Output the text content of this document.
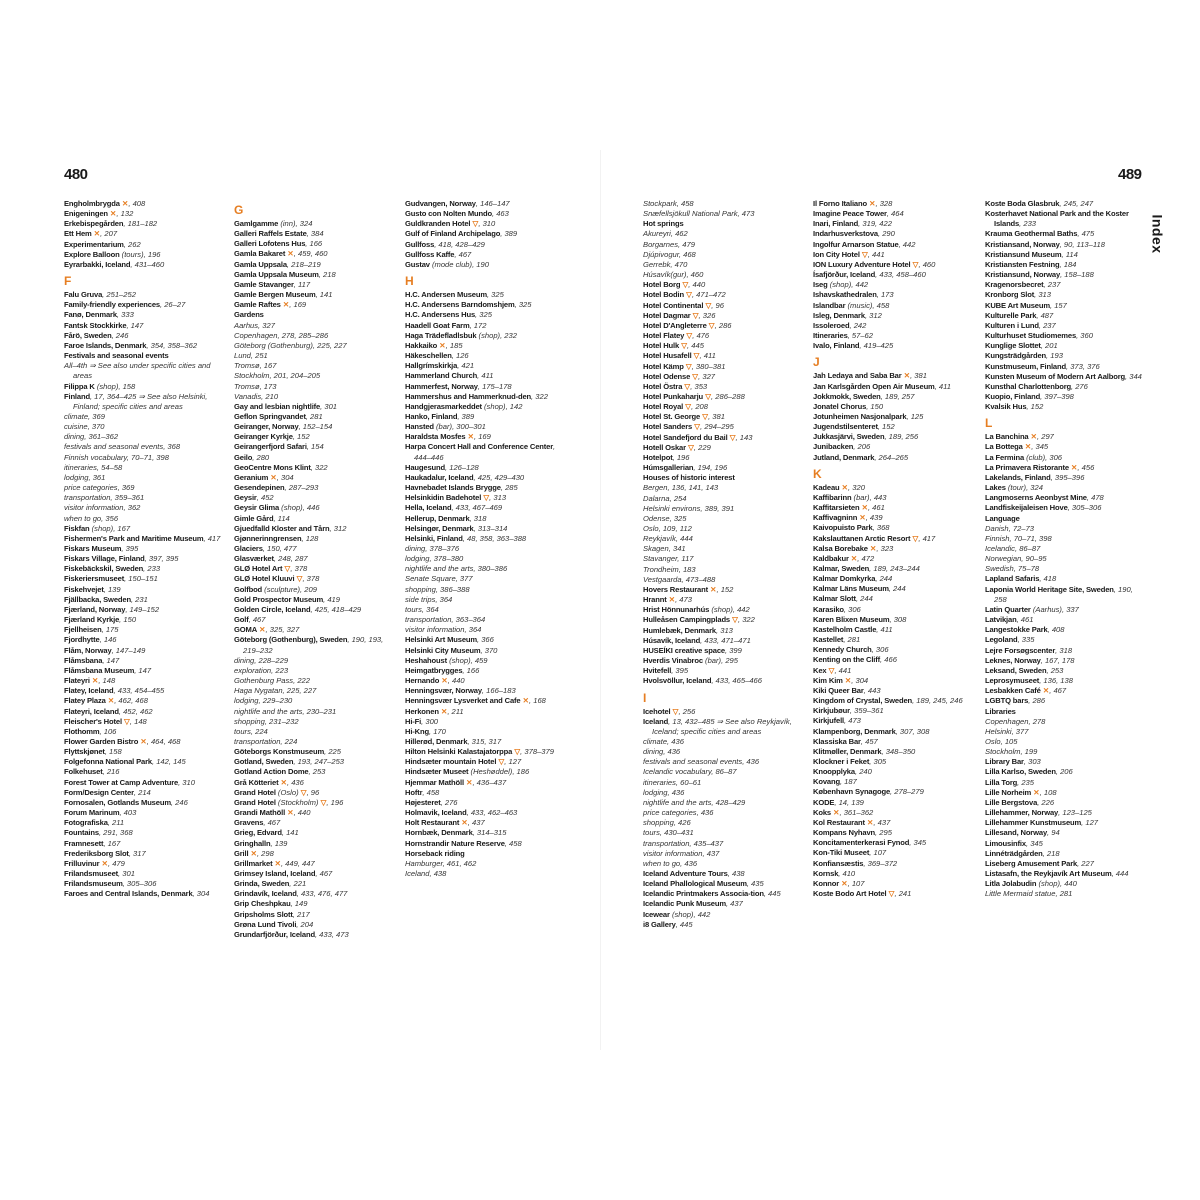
480	489
Index
Engholmbrygda ✕, 408
Enigeningen ✕, 132
Erkebispegården, 181–182
Ett Hem ✕, 207
Experimentarium, 262
Explore Balloon (tours), 196
Eyrarbakki, Iceland, 431–460
F
Falu Gruva, 251–252
Family-friendly experiences, 26–27
Fanø, Denmark, 333
Fantsk Stockkirke, 147
Fårö, Sweden, 246
Faroe Islands, Denmark, 354, 358–362
Festivals and seasonal events
All–4th ⇒ See also under specific cities and areas
Filippa K (shop), 158
Finland, 17, 364–425 ⇒ See also Helsinki, Finland; specific cities and areas
climate, 369
cuisine, 370
dining, 361–362
festivals and seasonal events, 368
Finnish vocabulary, 70–71, 398
itineraries, 54–58
lodging, 361
price categories, 369
transportation, 359–361
visitor information, 362
when to go, 356
Fiskfan (shop), 167
Fishermen's Park and Maritime Museum, 417
Fiskars Museum, 395
Fiskars Village, Finland, 397, 395
Fiskebäckskil, Sweden, 233
Fiskeriersmuseet, 150–151
Fiskehvejet, 139
Fjällbacka, Sweden, 231
Fjærland, Norway, 149–152
Fjærland Kyrkje, 150
Fjellheisen, 175
Fjordhytte, 146
Flåm, Norway, 147–149
Flåmsbana, 147
Flåmsbana Museum, 147
Flateyri ✕, 148
Flatey, Iceland, 433, 454–455
Flatey Plaza ✕, 462, 468
Flateyri, Iceland, 452, 462
Fleischer's Hotel ▽, 148
Flothomm, 106
Flower Garden Bistro ✕, 464, 468
Flyttskjønet, 158
Folgefonna National Park, 142, 145
Folkehuset, 216
Forest Tower at Camp Adventure, 310
Form/Design Center, 214
Fornosalen, Gotlands Museum, 246
Forum Marinum, 403
Fotografiska, 211
Fountains, 291, 368
Framnesett, 167
Frederiksborg Slot, 317
Frilluvinur ✕, 479
Frilandsmuseet, 301
Frilandsmuseum, 305–306
Faroes and Central Islands, Denmark, 304
G
Gamlgamme (inn), 324
Galleri Raffels Estate, 384
Galleri Lofotens Hus, 166
Gamla Bakaret ✕, 459, 460
Gamla Uppsala, 218–219
Gamla Uppsala Museum, 218
Gamle Stavanger, 117
Gamle Bergen Museum, 141
Gamle Raftes ✕, 169
Gardens
Aarhus, 327
Copenhagen, 278, 285–286
Göteborg (Gothenburg), 225, 227
Lund, 251
Tromsø, 167
Stockholm, 201, 204–205
Tromsø, 173
Vanadis, 210
Gay and lesbian nightlife, 301
Geflon Springvandet, 281
Geiranger, Norway, 152–154
Geiranger Kyrkje, 152
Geirangerfjord Safari, 154
Geilo, 280
GeoCentre Mons Klint, 322
Geranium ✕, 304
Gesendepinen, 287–293
Geysir, 452
Geysir Glima (shop), 446
Gimle Gård, 114
Gjuedfalld Kloster and Tårn, 312
Gjønnerinngrensen, 128
Glaciers, 150, 477
Glasværket, 248, 287
GLØ Hotel Art ▽, 378
GLØ Hotel Kluuvi ▽, 378
Golfbod (sculpture), 209
Gold Prospector Museum, 419
Golden Circle, Iceland, 425, 418–429
Golf, 467
GOMA ✕, 325, 327
Göteborg (Gothenburg), Sweden, 190, 193, 219–232
dining, 228–229
exploration, 223
Gothenburg Pass, 222
Haga Nygatan, 225, 227
lodging, 229–230
nightlife and the arts, 230–231
shopping, 231–232
tours, 224
transportation, 224
Göteborgs Konstmuseum, 225
Gotland, Sweden, 193, 247–253
Gotland Action Dome, 253
Grå Kötteriet ✕, 436
Grand Hotel (Oslo) ▽, 96
Grand Hotel (Stockholm) ▽, 196
Grandi Mathöll ✕, 440
Gravens, 467
Grieg, Edvard, 141
Gringhalln, 139
Grill ✕, 298
Grillmarket ✕, 449, 447
Grimsey Island, Iceland, 467
Grinda, Sweden, 221
Grindavík, Iceland, 433, 476, 477
Grip Cheshpkau, 149
Gripsholms Slott, 217
Grøna Lund Tivoli, 204
Grundarfjörður, Iceland, 433, 473
Gudvangen, Norway, 146–147
Gusto con Nolten Mundo, 463
Guldkranden Hotel ▽, 310
Gulf of Finland Archipelago, 389
Gullfoss, 418, 428–429
Gullfoss Kaffe, 467
Gustav (mode club), 190
H
H.C. Andersen Museum, 325
H.C. Andersens Barndomshjem, 325
H.C. Andersens Hus, 325
Haadell Goat Farm, 172
Haga Trädefladlsbuk (shop), 232
Hakkaiko ✕, 185
Häkeschellen, 126
Hallgrímskirkja, 421
Hammerland Church, 411
Hammerfest, Norway, 175–178
Hammershus and Hammerknud-den, 322
Handgjerasmarkeddet (shop), 142
Hanko, Finland, 389
Hansted (bar), 300–301
Haraldsta Mosfes ✕, 169
Harpa Concert Hall and Conference Center, 444–446
Haugesund, 126–128
Haukadalur, Iceland, 425, 429–430
Havnebadet Islands Brygge, 285
Helsinkidin Badehotel ▽, 313
Hella, Iceland, 433, 467–469
Hellerup, Denmark, 318
Helsingør, Denmark, 313–314
Helsinki, Finland, 48, 358, 363–388
dining, 378–376
lodging, 378–380
nightlife and the arts, 380–386
Senate Square, 377
shopping, 386–388
side trips, 364
tours, 364
transportation, 363–364
visitor information, 364
Helsinki Art Museum, 366
Helsinki City Museum, 370
Heshahoust (shop), 459
Heimgatbrygges, 166
Hernando ✕, 440
Henningsvær, Norway, 166–183
Henningsvær Lysverket and Cafe ✕, 168
Herkonen ✕, 211
Hi-Fi, 300
Hi-Kng, 170
Hillerød, Denmark, 315, 317
Hilton Helsinki Kalastajatorppa ▽, 378–379
Hindsæter mountain Hotel ▽, 127
Hindsæter Museet (Heshøddel), 186
Hjemmar Mathöll ✕, 436–437
Hoftr, 458
Højesteret, 276
Holmavik, Iceland, 433, 462–463
Holt Restaurant ✕, 437
Hornbæk, Denmark, 314–315
Hornstrandir Nature Reserve, 458
Horseback riding
Hamburger, 461, 462
Iceland, 438
Stockpark, 458
Snæfellsjökull National Park, 473
Hot springs
Akureyri, 462
Borgarnes, 479
Djúpivogur, 468
Gerrebk, 470
Húsavík(gur), 460
Hotel Borg ▽, 440
Hotel Bodin ▽, 471–472
Hotel Continental ▽, 96
Hotel Dagmar ▽, 326
Hotel D'Angleterre ▽, 286
Hotel Flatey ▽, 476
Hotel Hulk ▽, 445
Hotel Husafell ▽, 411
Hotel Kämp ▽, 380–381
Hotel Odense ▽, 327
Hotel Östra ▽, 353
Hotel Punkaharju ▽, 286–288
Hotel Royal ▽, 208
Hotel St. George ▽, 381
Hotel Sanders ▽, 294–295
Hotel Sandefjord du Bail ▽, 143
Hotell Oskar ▽, 229
Hotelpot, 196
Húmsgallerian, 194, 196
Houses of historic interest
Bergen, 136, 141, 143
Dalarna, 254
Helsinki environs, 389, 391
Odense, 325
Oslo, 109, 112
Reykjavík, 444
Skagen, 341
Stavanger, 117
Trondheim, 183
Vestgaarda, 473–488
Hovers Restaurant ✕, 152
Hrannt ✕, 473
Hrist Hönnunarhús (shop), 442
Hulleåsen Campingplads ▽, 322
Humlebæk, Denmark, 313
Húsavík, Iceland, 433, 471–471
HUSEÍKI creative space, 399
Hverdis Vinabroc (bar), 295
Hvitefell, 395
Hvolsvöllur, Iceland, 433, 465–466
I
Icehotel ▽, 256
Iceland, 13, 432–485 ⇒ See also Reykjavík, Iceland; specific cities and areas
climate, 436
dining, 436
festivals and seasonal events, 436
Icelandic vocabulary, 86–87
itineraries, 60–61
lodging, 436
nightlife and the arts, 428–429
price categories, 436
shopping, 426
tours, 430–431
transportation, 435–437
visitor information, 437
when to go, 436
Iceland Adventure Tours, 438
Iceland Phallological Museum, 435
Icelandic Printmakers Associa-tion, 445
Icelandic Punk Museum, 437
Icewear (shop), 442
i8 Gallery, 445
Il Forno Italiano ✕, 328
Imagine Peace Tower, 464
Inari, Finland, 319, 422
Indarhusverkstova, 290
Ingolfur Arnarson Statue, 442
Ion City Hotel ▽, 441
ION Luxury Adventure Hotel ▽, 460
Ísafjörður, Iceland, 433, 458–460
Iseg (shop), 442
Ishavskathedralen, 173
Islandbar (music), 458
Isleg, Denmark, 312
Issoleroed, 242
Itineraries, 57–62
Ivalo, Finland, 419–425
J
Jah Ledaya and Saba Bar ✕, 381
Jan Karlsgården Open Air Museum, 411
Jokkmokk, Sweden, 189, 257
Jonatel Chorus, 150
Jotunheimen Nasjonalpark, 125
Jugendstilsenteret, 152
Jukkasjärvi, Sweden, 189, 256
Junibacken, 206
Jutland, Denmark, 264–265
K
Kadeau ✕, 320
Kaffibarinn (bar), 443
Kaffitarsieten ✕, 461
Kaffivagninn ✕, 439
Kaivopuisto Park, 368
Kakslauttanen Arctic Resort ▽, 417
Kalsa Borebake ✕, 323
Kaldbakur ✕, 472
Kalmar, Sweden, 189, 243–244
Kalmar Domkyrka, 244
Kalmar Läns Museum, 244
Kalmar Slott, 244
Karasiko, 306
Karen Blixen Museum, 308
Kastelholm Castle, 411
Kastellet, 281
Kennedy Church, 306
Kenting on the Cliff, 466
Kex ▽, 441
Kim Kim ✕, 304
Kiki Queer Bar, 443
Kingdom of Crystal, Sweden, 189, 245, 246
Kirkjubøur, 359–361
Kirkjufell, 473
Klampenborg, Denmark, 307, 308
Klassiska Bar, 457
Klitmøller, Denmark, 348–350
Klockner i Feket, 305
Knoopplyka, 240
Kovang, 187
København Synagoge, 278–279
KODE, 14, 139
Koks ✕, 361–362
Kol Restaurant ✕, 437
Kompans Nyhavn, 295
Koncitamenterkerasi Fynod, 345
Kon-Tiki Museet, 107
Konfiansæstis, 369–372
Kornsk, 410
Konnor ✕, 107
Koste Bodo Art Hotel ▽, 241
Koste Boda Glasbruk, 245, 247
Kosterhavet National Park and the Koster Islands, 233
Krauma Geothermal Baths, 475
Kristiansand, Norway, 90, 113–118
Kristiansund Museum, 114
Kristiansten Festning, 184
Kristiansund, Norway, 158–188
Kragenorsbecret, 237
Kronborg Slot, 313
KUBE Art Museum, 157
Kulturelle Park, 487
Kulturen i Lund, 237
Kulturhuset Studiomemes, 360
Kunglige Slottet, 201
Kungsträdgården, 193
Kunstmuseum, Finland, 373, 376
Kunsten Museum of Modern Art Aalborg, 344
Kunsthal Charlottenborg, 276
Kuopio, Finland, 397–398
Kvalsik Hus, 152
L
La Banchina ✕, 297
La Bottega ✕, 345
La Fermina (club), 306
La Primavera Ristorante ✕, 456
Lakelands, Finland, 395–396
Lakes (tour), 324
Langmoserns Aeonbyst Mine, 478
Landfiskeijaleisen Hove, 305–306
Language
Danish, 72–73
Finnish, 70–71, 398
Icelandic, 86–87
Norwegian, 90–95
Swedish, 75–78
Lapland Safaris, 418
Laponia World Heritage Site, Sweden, 190, 258
Latin Quarter (Aarhus), 337
Latvikjan, 461
Langestokke Park, 408
Legoland, 335
Lejre Forsøgscenter, 318
Leknes, Norway, 167, 178
Leksand, Sweden, 253
Leprosymuseet, 136, 138
Lesbakken Café ✕, 467
LGBTQ bars, 286
Libraries
Copenhagen, 278
Helsinki, 377
Oslo, 105
Stockholm, 199
Library Bar, 303
Lilla Karlso, Sweden, 206
Lilla Torg, 235
Lille Norheim ✕, 108
Lille Bergstova, 226
Lillehammer, Norway, 123–125
Lillehammer Kunstmuseum, 127
Lillesand, Norway, 94
Limousinfix, 345
Linnéträdgården, 218
Liseberg Amusement Park, 227
Listasafn, the Reykjavík Art Museum, 444
Litla Jolabudin (shop), 440
Little Mermaid statue, 281
